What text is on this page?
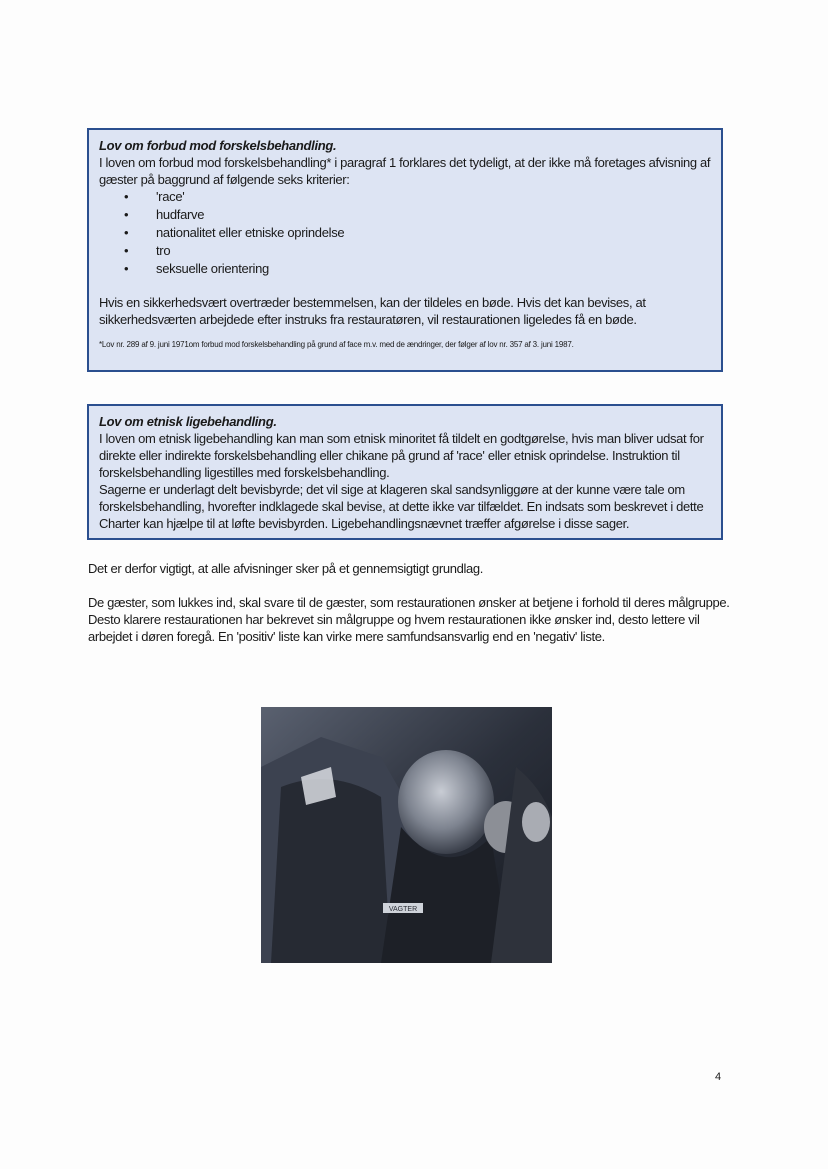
Lov om forbud mod forskelsbehandling.
I loven om forbud mod forskelsbehandling* i paragraf 1 forklares det tydeligt, at der ikke må foretages afvisning af gæster på baggrund af følgende seks kriterier:
• 'race'
• hudfarve
• nationalitet eller etniske oprindelse
• tro
• seksuelle orientering
Hvis en sikkerhedsvært overtræder bestemmelsen, kan der tildeles en bøde. Hvis det kan bevises, at sikkerhedsværten arbejdede efter instruks fra restauratøren, vil restaurationen ligeledes få en bøde.
*Lov nr. 289 af 9. juni 1971om forbud mod forskelsbehandling på grund af face m.v. med de ændringer, der følger af lov nr. 357 af 3. juni 1987.
Lov om etnisk ligebehandling.
I loven om etnisk ligebehandling kan man som etnisk minoritet få tildelt en godtgørelse, hvis man bliver udsat for direkte eller indirekte forskelsbehandling eller chikane på grund af 'race' eller etnisk oprindelse. Instruktion til forskelsbehandling ligestilles med forskelsbehandling.
Sagerne er underlagt delt bevisbyrde; det vil sige at klageren skal sandsynliggøre at der kunne være tale om forskelsbehandling, hvorefter indklagede skal bevise, at dette ikke var tilfældet. En indsats som beskrevet i dette Charter kan hjælpe til at løfte bevisbyrden. Ligebehandlingsnævnet træffer afgørelse i disse sager.
Det er derfor vigtigt, at alle afvisninger sker på et gennemsigtigt grundlag.
De gæster, som lukkes ind, skal svare til de gæster, som restaurationen ønsker at betjene i forhold til deres målgruppe. Desto klarere restaurationen har bekrevet sin målgruppe og hvem restaurationen ikke ønsker ind, desto lettere vil arbejdet i døren foregå. En 'positiv' liste kan virke mere samfundsansvarlig end en 'negativ' liste.
VAGTER
4
